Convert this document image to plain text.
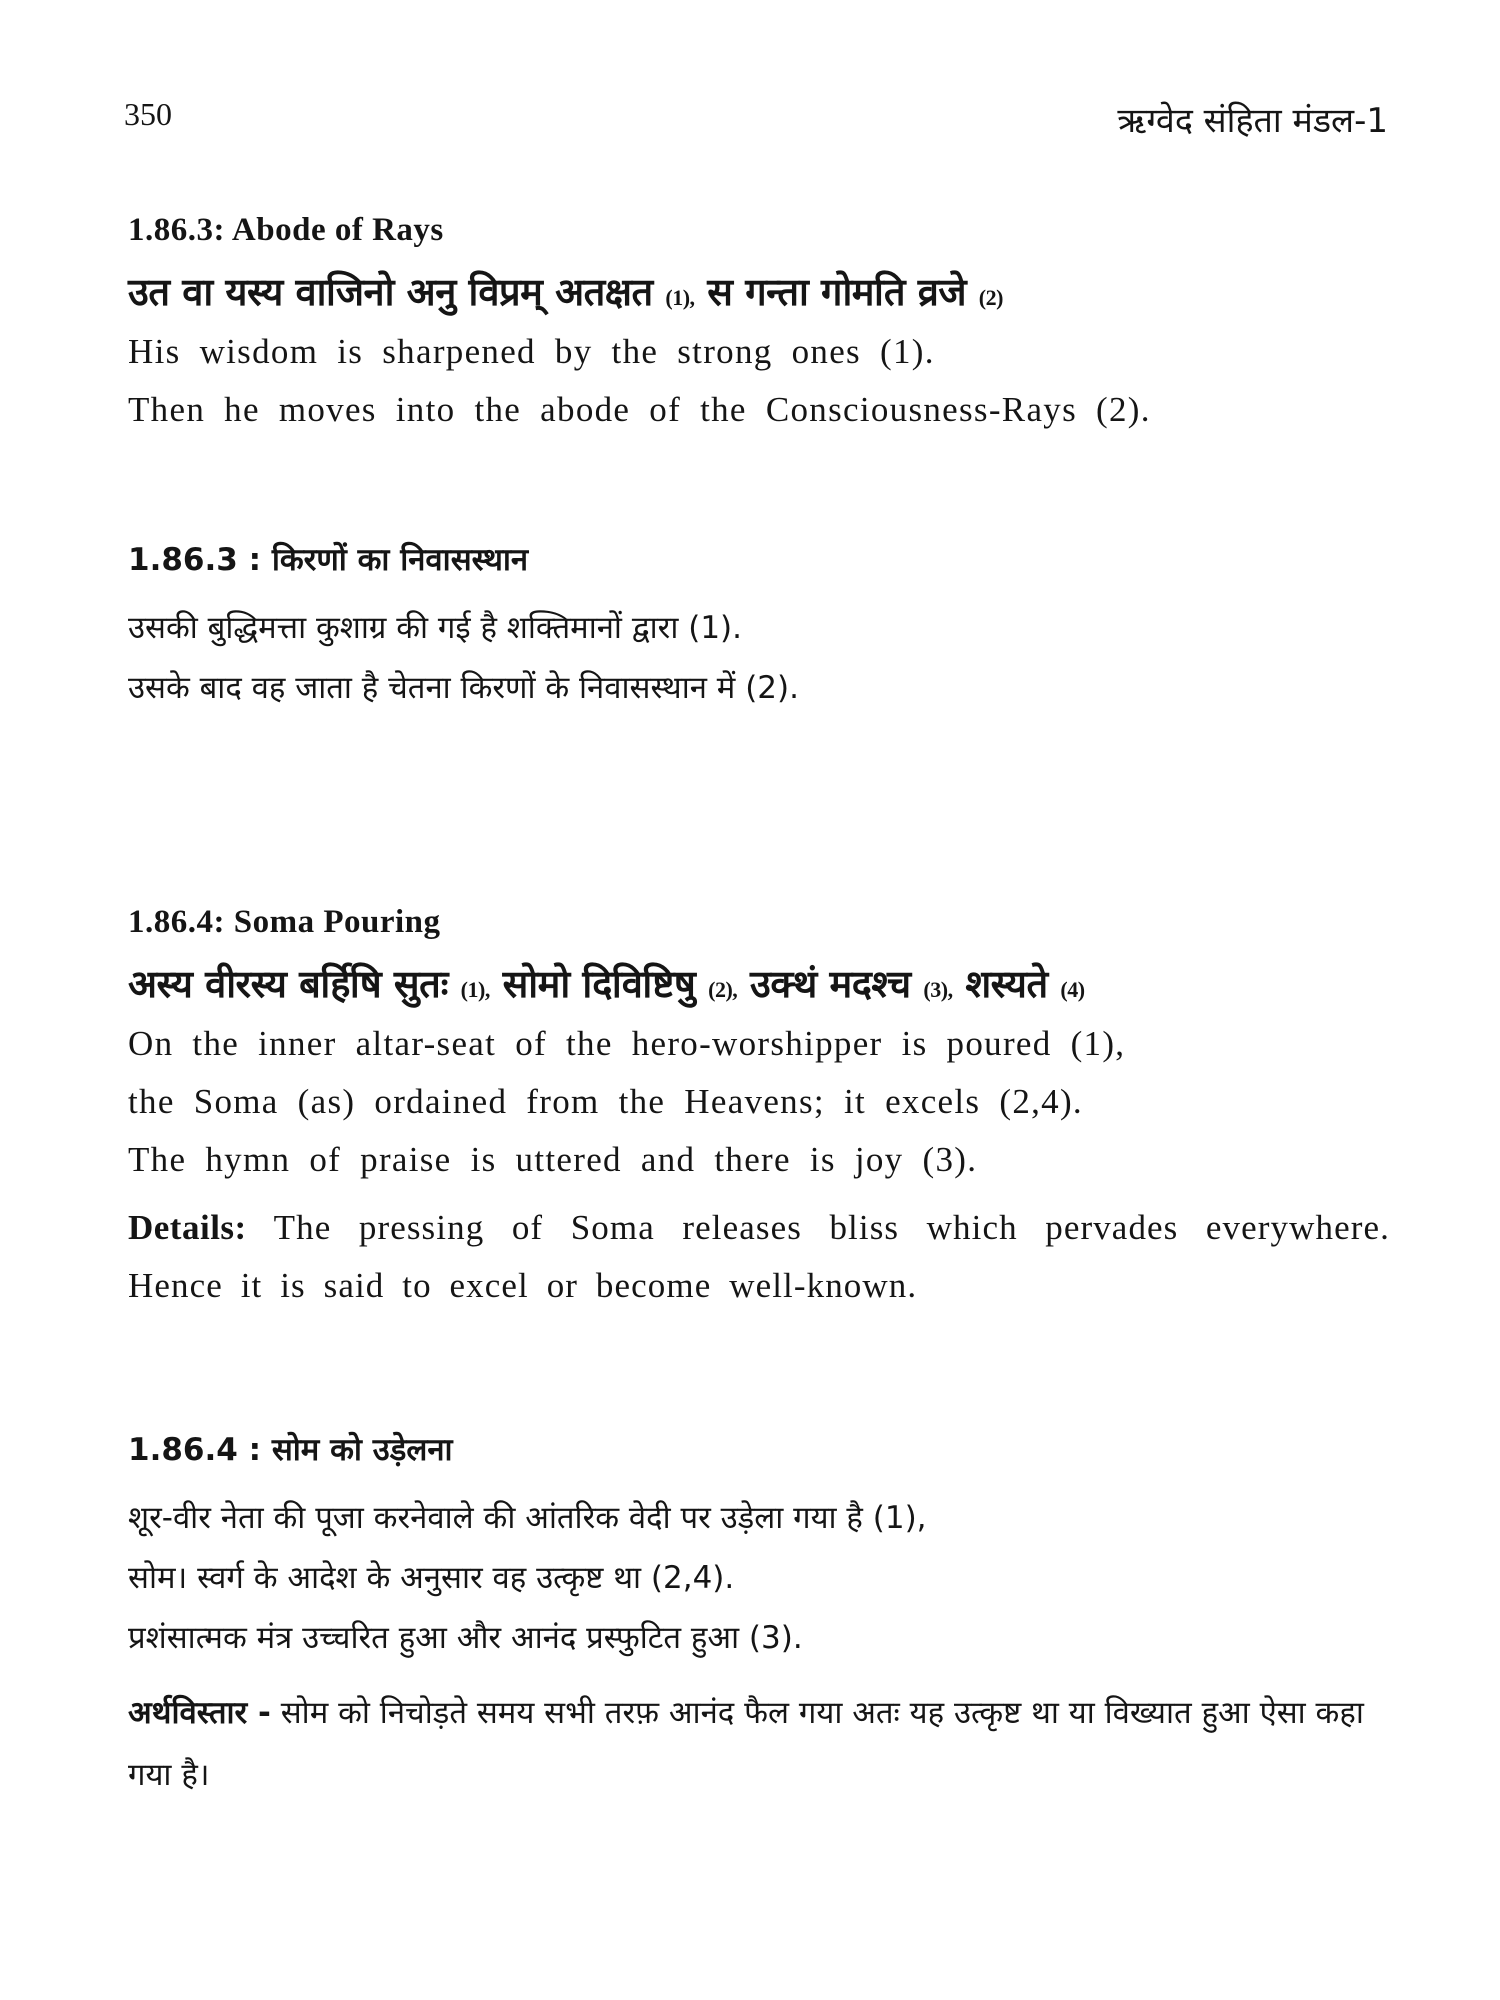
350	ऋग्वेद संहिता मंडल-1

1.86.3: Abode of Rays

उत वा यस्य वाजिनो अनु विप्रम् अतक्षत (1), स गन्ता गोमति व्रजे (2)

His wisdom is sharpened by the strong ones (1).

Then he moves into the abode of the Consciousness-Rays (2).

1.86.3 : किरणों का निवासस्थान

उसकी बुद्धिमत्ता कुशाग्र की गई है शक्तिमानों द्वारा (1).

उसके बाद वह जाता है चेतना किरणों के निवासस्थान में (2).

1.86.4: Soma Pouring

अस्य वीरस्य बर्हिषि सुतः (1), सोमो दिविष्टिषु (2), उक्थं मदश्च (3), शस्यते (4)

On the inner altar-seat of the hero-worshipper is poured (1),

the Soma (as) ordained from the Heavens; it excels (2,4).

The hymn of praise is uttered and there is joy (3).

Details: The pressing of Soma releases bliss which pervades everywhere. Hence it is said to excel or become well-known.

1.86.4 : सोम को उड़ेलना

शूर-वीर नेता की पूजा करनेवाले की आंतरिक वेदी पर उड़ेला गया है (1),

सोम। स्वर्ग के आदेश के अनुसार वह उत्कृष्ट था (2,4).

प्रशंसात्मक मंत्र उच्चरित हुआ और आनंद प्रस्फुटित हुआ (3).

अर्थविस्तार - सोम को निचोड़ते समय सभी तरफ़ आनंद फैल गया अतः यह उत्कृष्ट था या विख्यात हुआ ऐसा कहा गया है।
